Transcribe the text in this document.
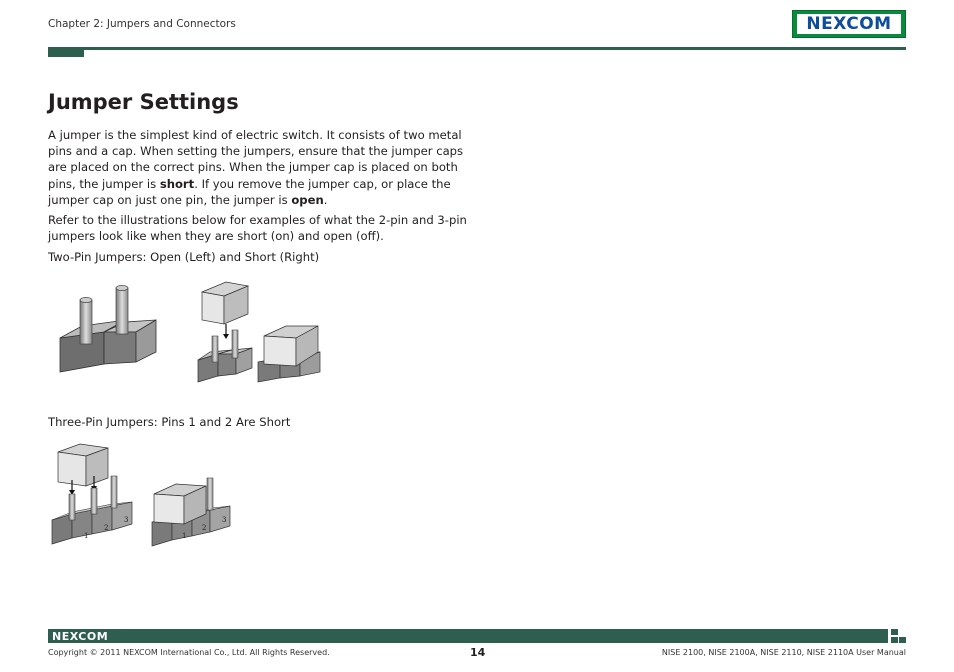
Chapter 2: Jumpers and Connectors	NEXCOM
Jumper Settings
A jumper is the simplest kind of electric switch. It consists of two metal pins and a cap. When setting the jumpers, ensure that the jumper caps are placed on the correct pins. When the jumper cap is placed on both pins, the jumper is short. If you remove the jumper cap, or place the jumper cap on just one pin, the jumper is open.
Refer to the illustrations below for examples of what the 2-pin and 3-pin jumpers look like when they are short (on) and open (off).
Two-Pin Jumpers: Open (Left) and Short (Right)
Three-Pin Jumpers: Pins 1 and 2 Are Short
1
2
3
1
2
3
NEXCOM
Copyright © 2011 NEXCOM International Co., Ltd. All Rights Reserved.	14	NISE 2100, NISE 2100A, NISE 2110, NISE 2110A User Manual
